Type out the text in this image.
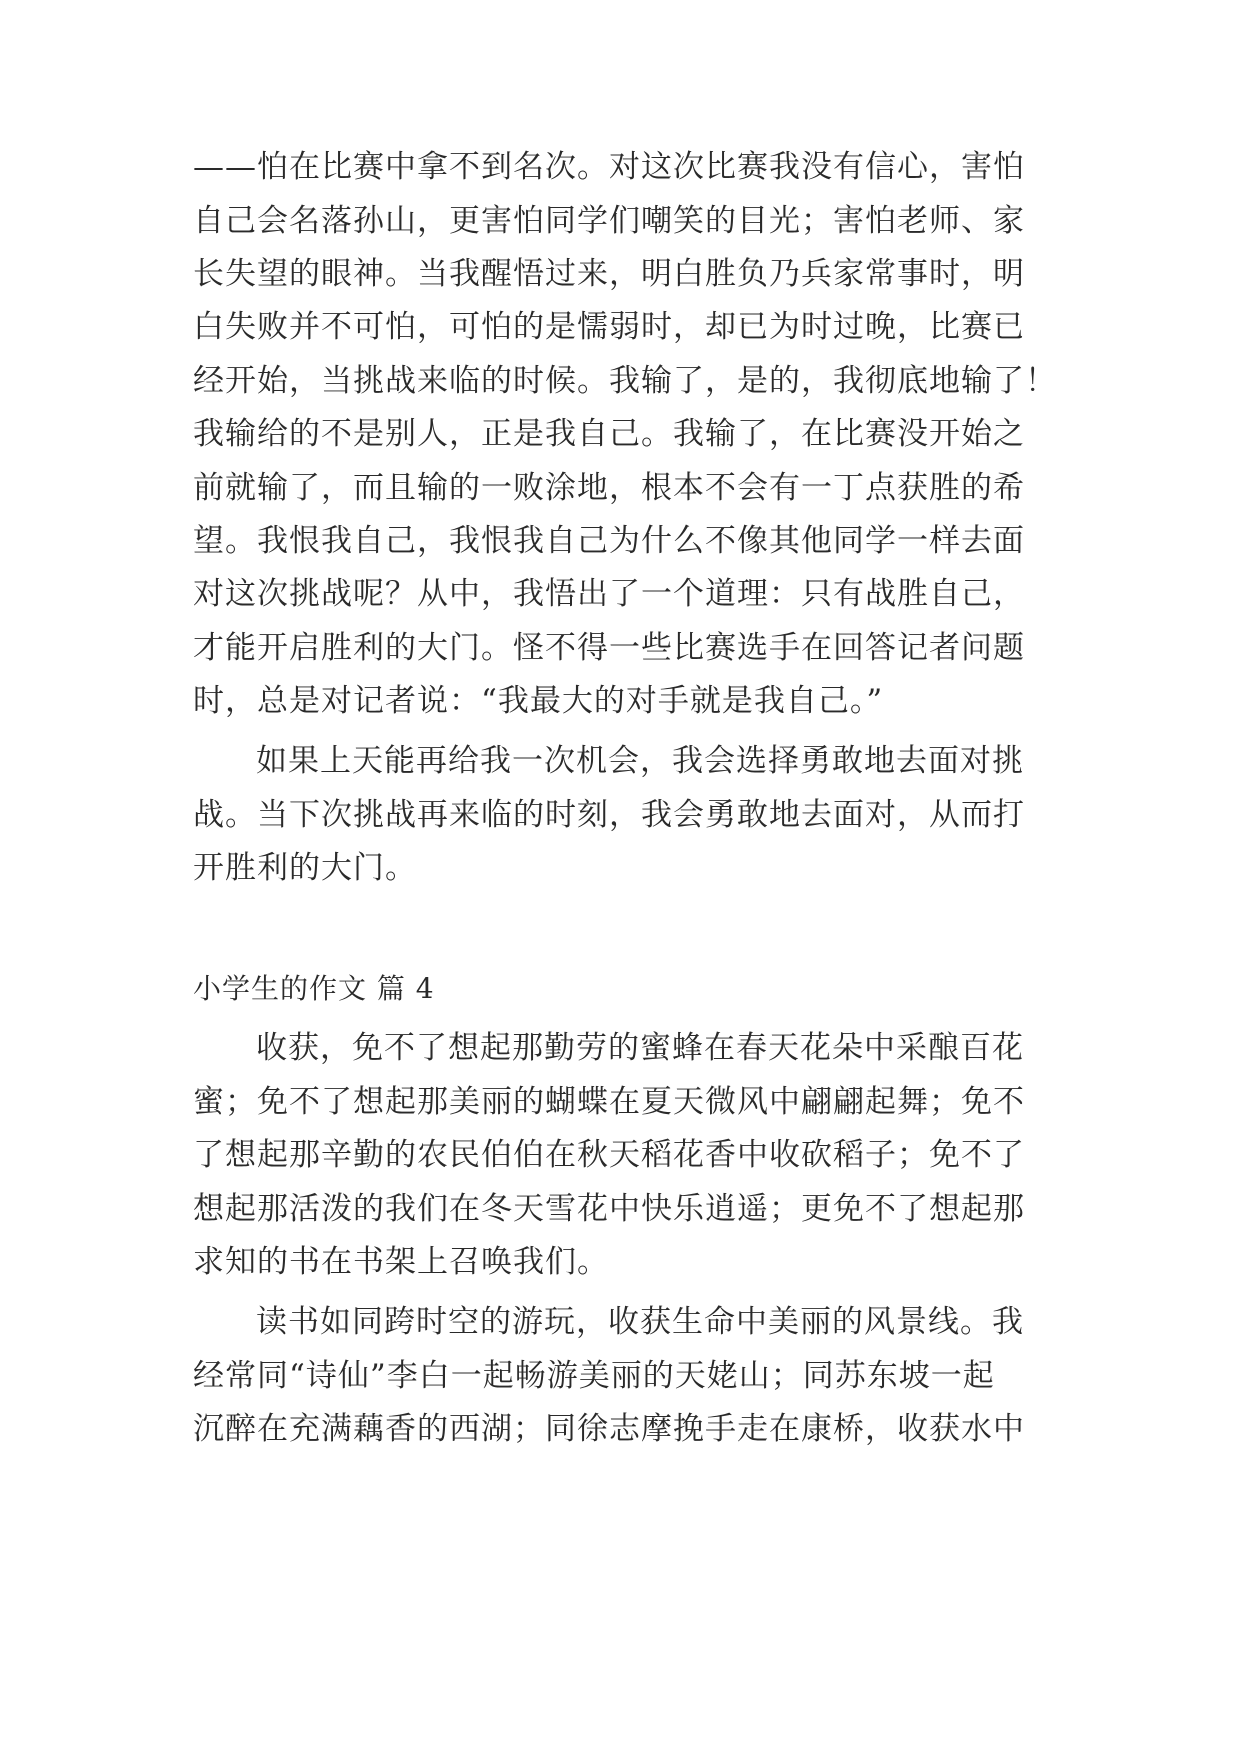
——怕在比赛中拿不到名次。对这次比赛我没有信心，害怕
自己会名落孙山，更害怕同学们嘲笑的目光；害怕老师、家
长失望的眼神。当我醒悟过来，明白胜负乃兵家常事时，明
白失败并不可怕，可怕的是懦弱时，却已为时过晚，比赛已
经开始，当挑战来临的时候。我输了，是的，我彻底地输了！
我输给的不是别人，正是我自己。我输了，在比赛没开始之
前就输了，而且输的一败涂地，根本不会有一丁点获胜的希
望。我恨我自己，我恨我自己为什么不像其他同学一样去面
对这次挑战呢？从中，我悟出了一个道理：只有战胜自己，
才能开启胜利的大门。怪不得一些比赛选手在回答记者问题
时，总是对记者说：“我最大的对手就是我自己。”
如果上天能再给我一次机会，我会选择勇敢地去面对挑
战。当下次挑战再来临的时刻，我会勇敢地去面对，从而打
开胜利的大门。
小学生的作文 篇 4
收获，免不了想起那勤劳的蜜蜂在春天花朵中采酿百花
蜜；免不了想起那美丽的蝴蝶在夏天微风中翩翩起舞；免不
了想起那辛勤的农民伯伯在秋天稻花香中收砍稻子；免不了
想起那活泼的我们在冬天雪花中快乐逍遥；更免不了想起那
求知的书在书架上召唤我们。
读书如同跨时空的游玩，收获生命中美丽的风景线。我
经常同“诗仙”李白一起畅游美丽的天姥山；同苏东坡一起
沉醉在充满藕香的西湖；同徐志摩挽手走在康桥，收获水中
